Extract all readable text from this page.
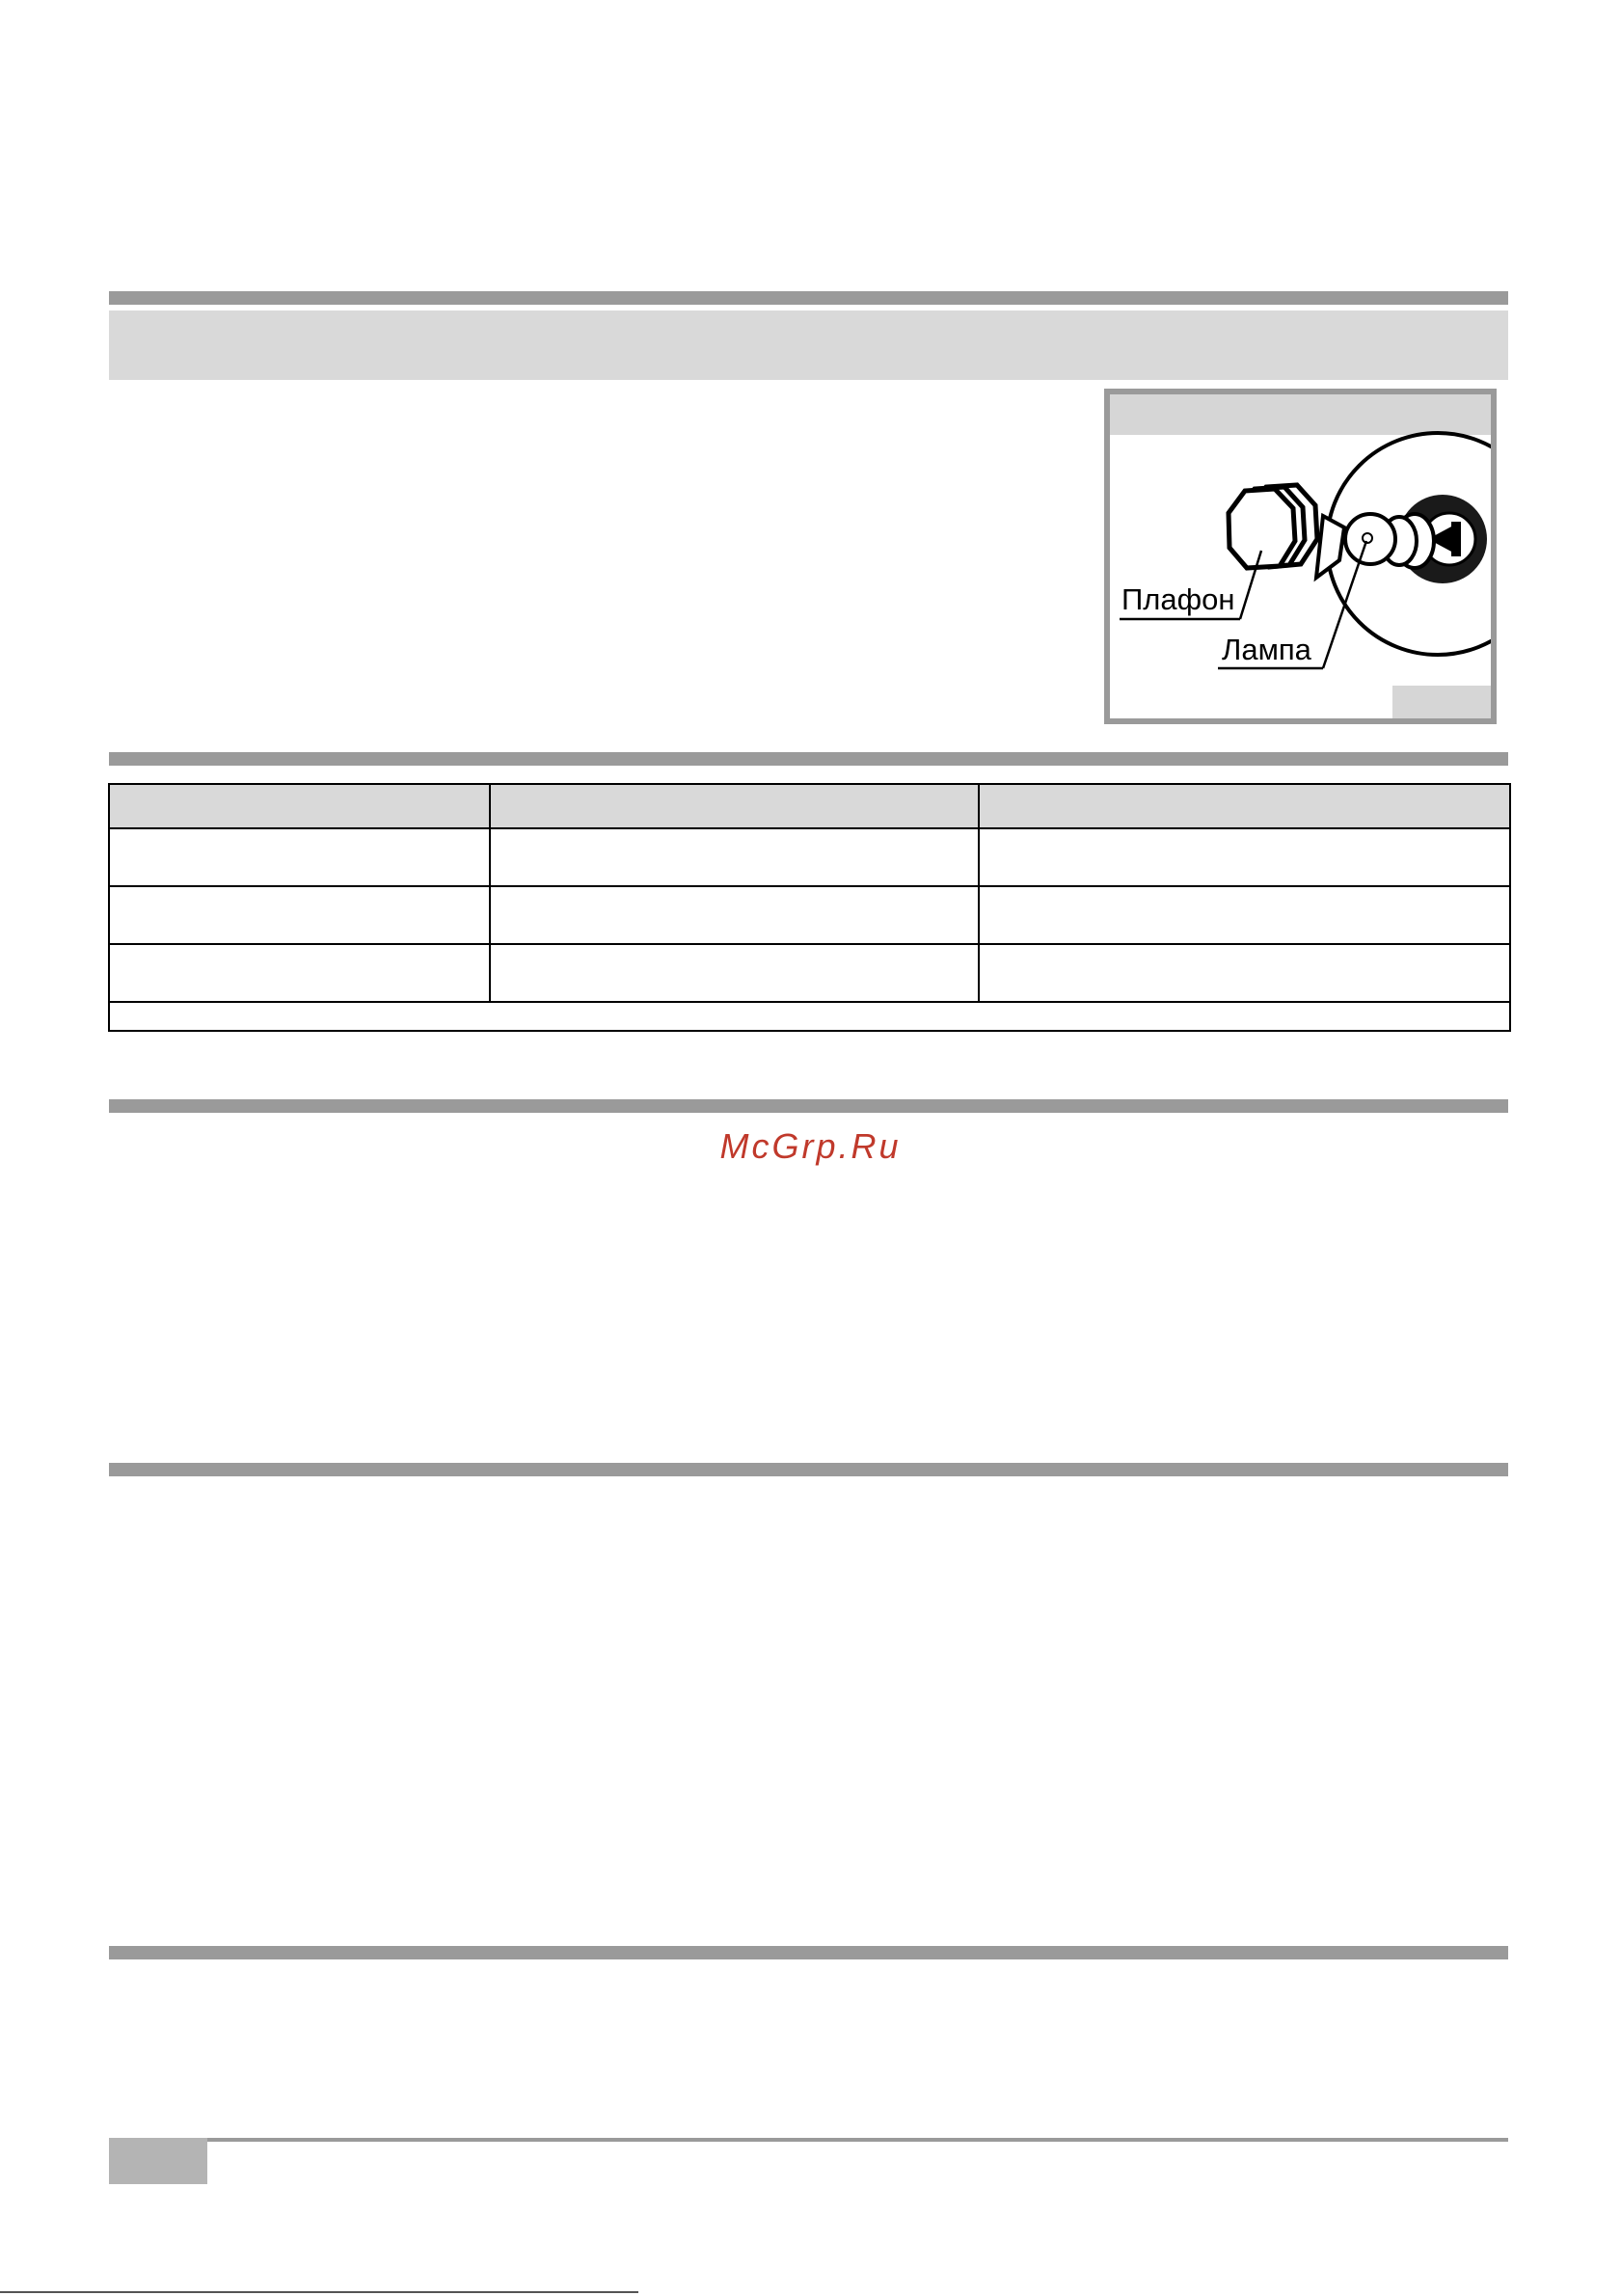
Плафон
Лампа

McGrp.Ru
